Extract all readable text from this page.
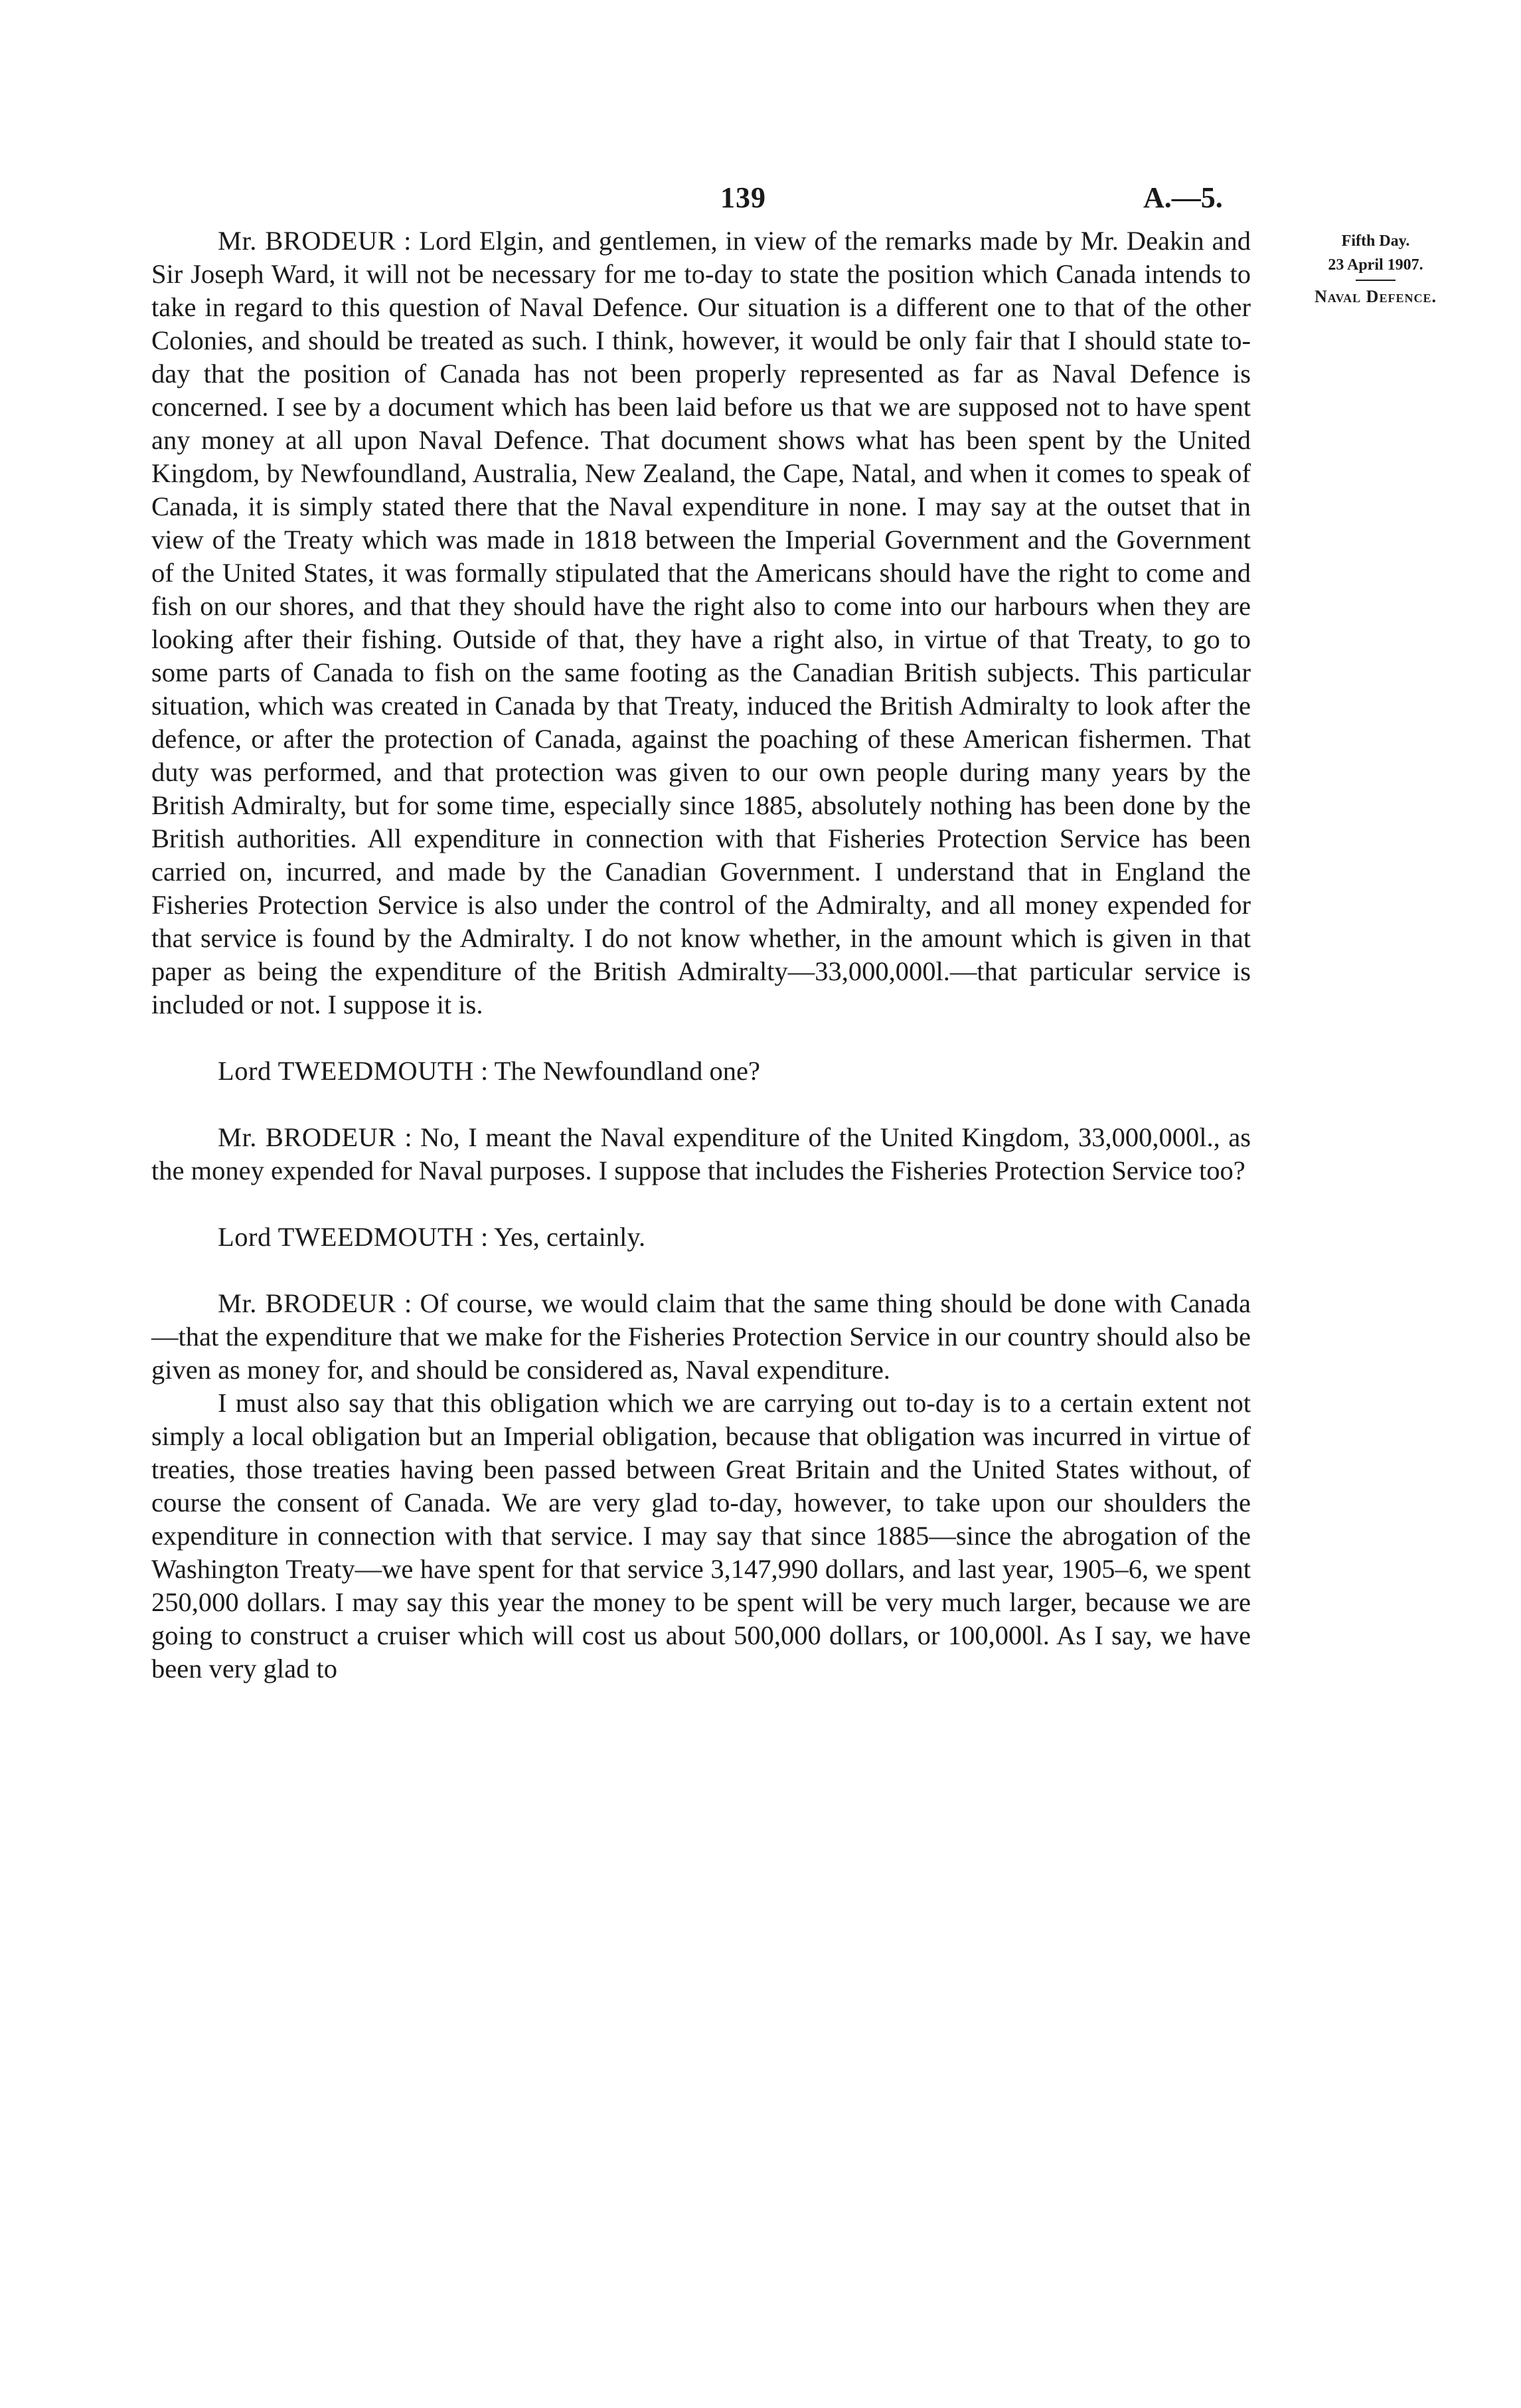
139	A.—5.
Fifth Day.
23 April 1907.
Naval Defence.

Mr. BRODEUR : Lord Elgin, and gentlemen, in view of the remarks made by Mr. Deakin and Sir Joseph Ward, it will not be necessary for me to-day to state the position which Canada intends to take in regard to this question of Naval Defence. Our situation is a different one to that of the other Colonies, and should be treated as such. I think, however, it would be only fair that I should state to-day that the position of Canada has not been properly represented as far as Naval Defence is concerned. I see by a document which has been laid before us that we are supposed not to have spent any money at all upon Naval Defence. That document shows what has been spent by the United Kingdom, by Newfoundland, Australia, New Zealand, the Cape, Natal, and when it comes to speak of Canada, it is simply stated there that the Naval expenditure in none. I may say at the outset that in view of the Treaty which was made in 1818 between the Imperial Government and the Government of the United States, it was formally stipulated that the Americans should have the right to come and fish on our shores, and that they should have the right also to come into our harbours when they are looking after their fishing. Outside of that, they have a right also, in virtue of that Treaty, to go to some parts of Canada to fish on the same footing as the Canadian British subjects. This particular situation, which was created in Canada by that Treaty, induced the British Admiralty to look after the defence, or after the protection of Canada, against the poaching of these American fishermen. That duty was performed, and that protection was given to our own people during many years by the British Admiralty, but for some time, especially since 1885, absolutely nothing has been done by the British authorities. All expenditure in connection with that Fisheries Protection Service has been carried on, incurred, and made by the Canadian Government. I understand that in England the Fisheries Protection Service is also under the control of the Admiralty, and all money expended for that service is found by the Admiralty. I do not know whether, in the amount which is given in that paper as being the expenditure of the British Admiralty—33,000,000l.—that particular service is included or not. I suppose it is.

Lord TWEEDMOUTH : The Newfoundland one?

Mr. BRODEUR : No, I meant the Naval expenditure of the United Kingdom, 33,000,000l., as the money expended for Naval purposes. I suppose that includes the Fisheries Protection Service too?

Lord TWEEDMOUTH : Yes, certainly.

Mr. BRODEUR : Of course, we would claim that the same thing should be done with Canada—that the expenditure that we make for the Fisheries Protection Service in our country should also be given as money for, and should be considered as, Naval expenditure.

I must also say that this obligation which we are carrying out to-day is to a certain extent not simply a local obligation but an Imperial obligation, because that obligation was incurred in virtue of treaties, those treaties having been passed between Great Britain and the United States without, of course the consent of Canada. We are very glad to-day, however, to take upon our shoulders the expenditure in connection with that service. I may say that since 1885—since the abrogation of the Washington Treaty—we have spent for that service 3,147,990 dollars, and last year, 1905–6, we spent 250,000 dollars. I may say this year the money to be spent will be very much larger, because we are going to construct a cruiser which will cost us about 500,000 dollars, or 100,000l. As I say, we have been very glad to
